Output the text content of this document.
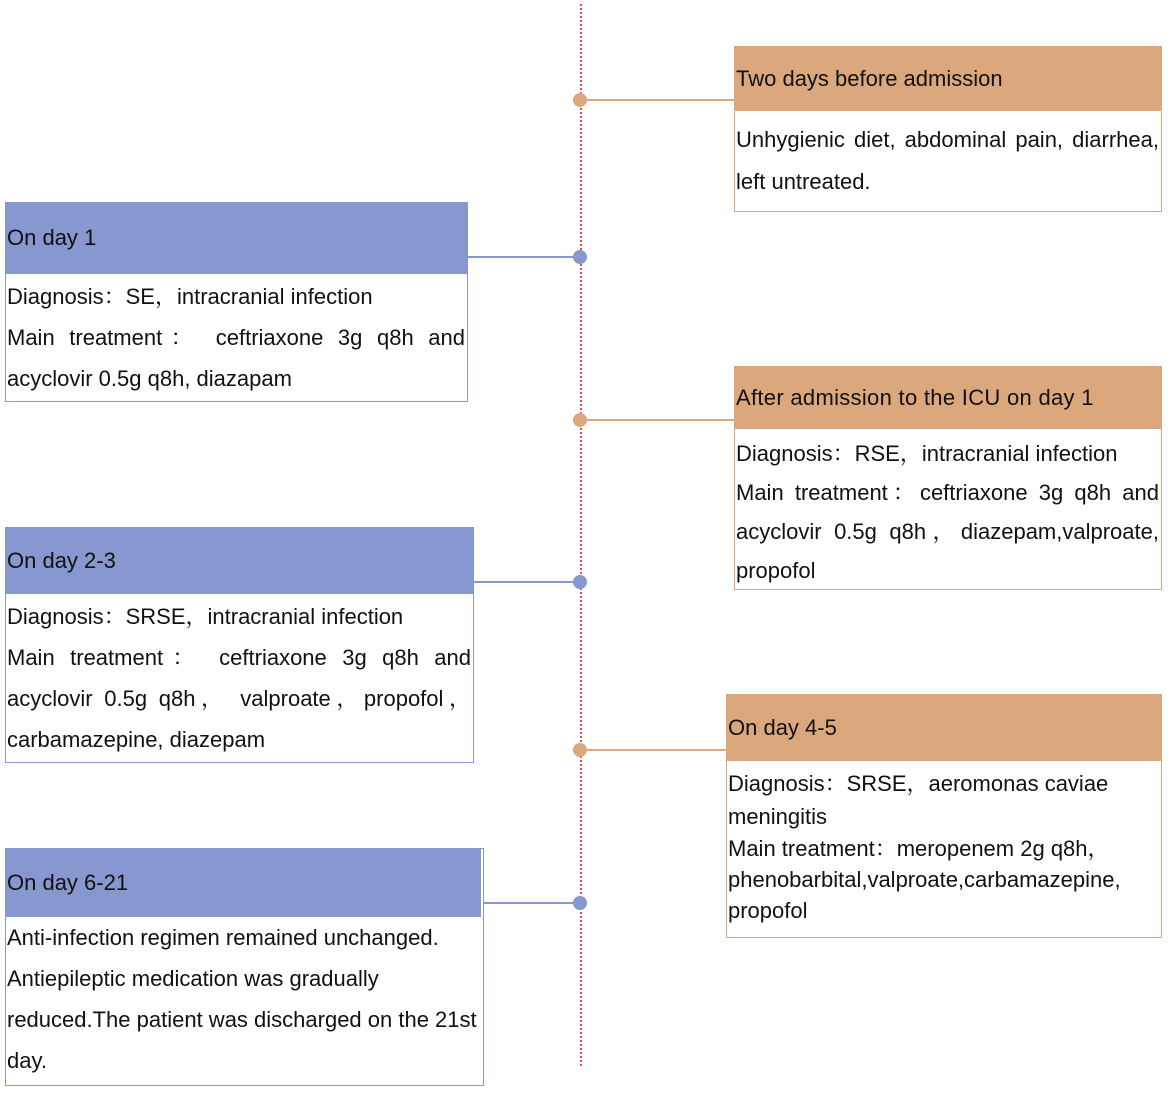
Two days before admission

Unhygienic diet, abdominal pain, diarrhea, left untreated.

On day 1

Diagnosis：SE，intracranial infection

Main treatment： ceftriaxone 3g q8h and acyclovir 0.5g q8h, diazapam

After admission to the ICU on day 1

Diagnosis：RSE，intracranial infection

Main treatment：ceftriaxone 3g q8h and acyclovir 0.5g q8h，diazepam,valproate, propofol

On day 2-3

Diagnosis：SRSE，intracranial infection

Main treatment： ceftriaxone 3g q8h and acyclovir 0.5g q8h， valproate，propofol，carbamazepine, diazepam	On day 4-5

Diagnosis：SRSE，aeromonas caviae meningitis

Main treatment：meropenem 2g q8h，phenobarbital,valproate,carbamazepine, propofol

On day 6-21

Anti-infection regimen remained unchanged. Antiepileptic medication was gradually reduced.The patient was discharged on the 21st day.
